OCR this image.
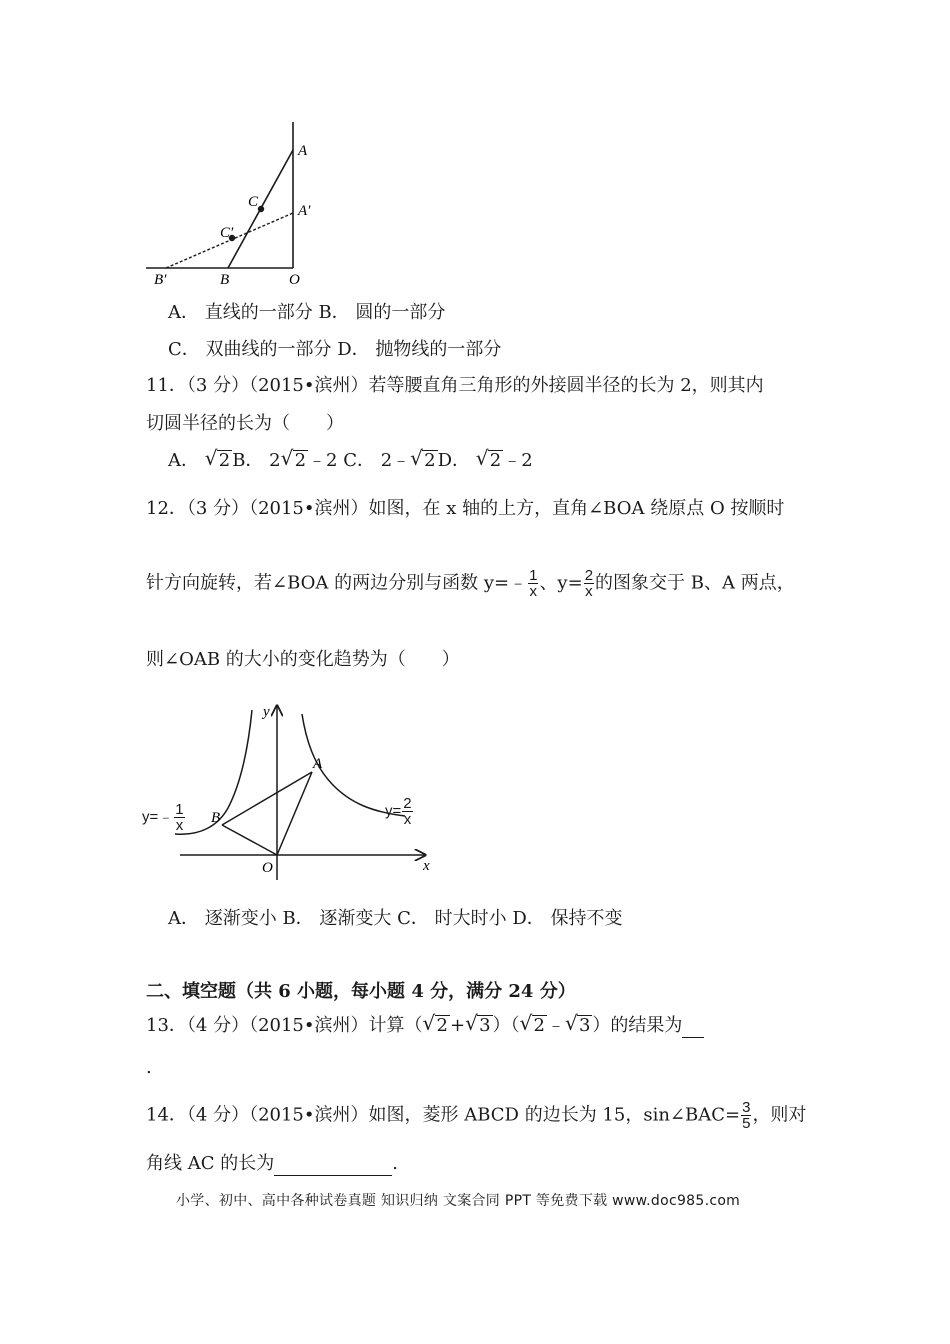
A
A′
C
C′
B′	B	O
A． 直线的一部分 B． 圆的一部分
C． 双曲线的一部分 D． 抛物线的一部分
11．（3 分）（2015•滨州）若等腰直角三角形的外接圆半径的长为 2，则其内
切圆半径的长为（　　）
A． √ 2 B． 2 √ 2 ﹣2 C． 2﹣ √ 2 D． √ 2 ﹣2
12．（3 分）（2015•滨州）如图，在 x 轴的上方，直角∠BOA 绕原点 O 按顺时
针方向旋转，若∠BOA 的两边分别与函数 y=﹣ $\frac{1}{x}$ 、$y= \frac{2}{x}$ 的图象交于 B、A 两点，
则∠OAB 的大小的变化趋势为（　　）
y
x
O
A
B
y=﹣ $\frac{1}{x}$	$y= \frac{2}{x}$
A． 逐渐变小 B． 逐渐变大 C． 时大时小 D． 保持不变
二、填空题（共 6 小题，每小题 4 分，满分 24 分）
13．（4 分）（2015•滨州）计算（ √ 2 + √ 3 ）（ √ 2 ﹣ √ 3 ）的结果为
.
14．（4 分）（2015•滨州）如图，菱形 ABCD 的边长为 15，sin∠BAC= $\frac{3}{5}$ ，则对
角线 AC 的长为	.
小学、初中、高中各种试卷真题 知识归纳 文案合同 PPT 等免费下载 www.doc985.com
